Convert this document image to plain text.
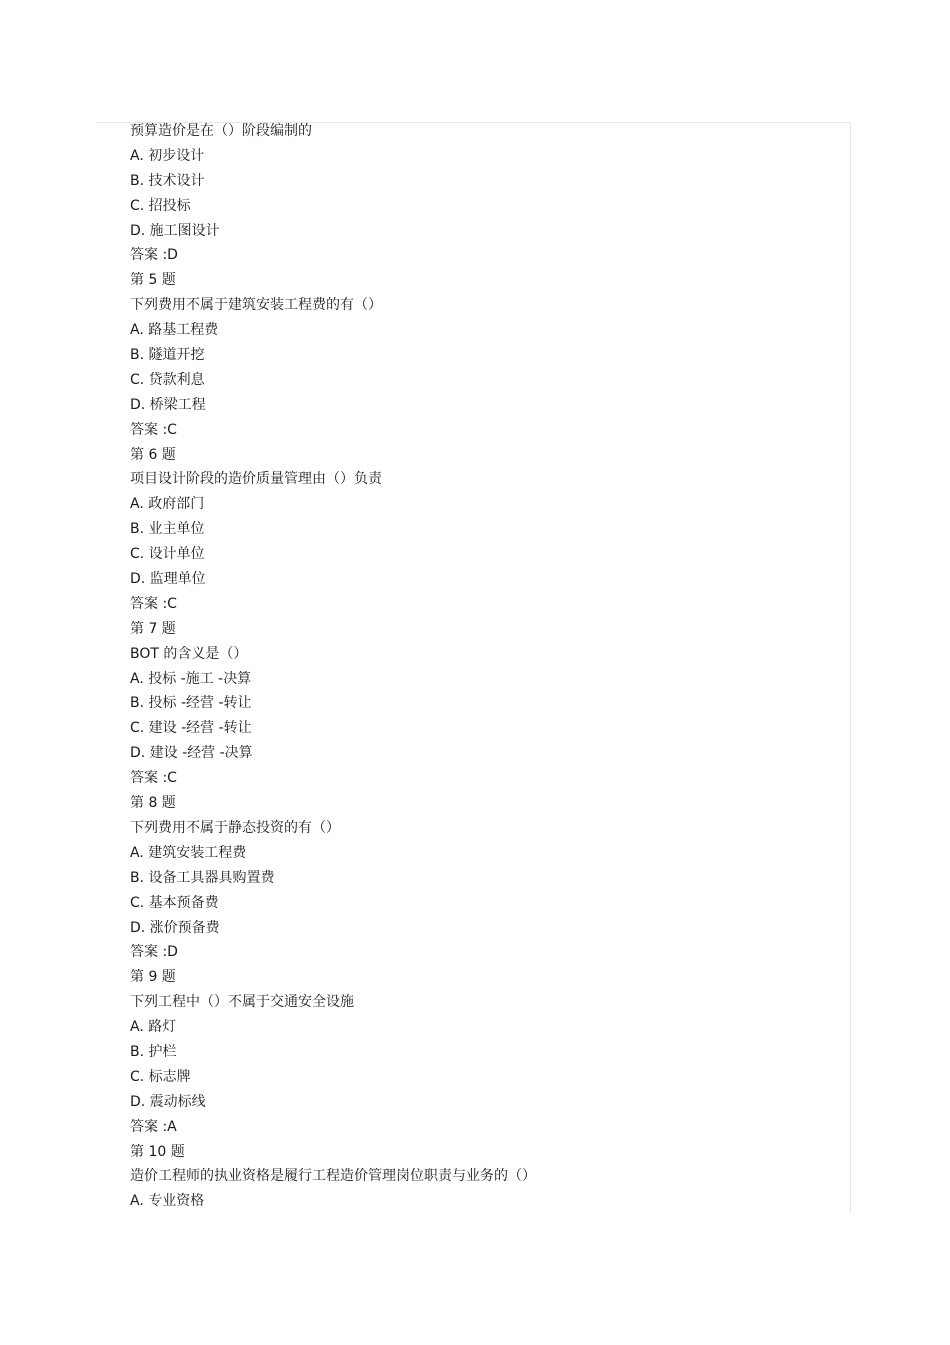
预算造价是在（）阶段编制的
A. 初步设计
B. 技术设计
C. 招投标
D. 施工图设计
答案 :D
第 5 题
下列费用不属于建筑安装工程费的有（）
A. 路基工程费
B. 隧道开挖
C. 贷款利息
D. 桥梁工程
答案 :C
第 6 题
项目设计阶段的造价质量管理由（）负责
A. 政府部门
B. 业主单位
C. 设计单位
D. 监理单位
答案 :C
第 7 题
BOT 的含义是（）
A. 投标 -施工 -决算
B. 投标 -经营 -转让
C. 建设 -经营 -转让
D. 建设 -经营 -决算
答案 :C
第 8 题
下列费用不属于静态投资的有（）
A. 建筑安装工程费
B. 设备工具器具购置费
C. 基本预备费
D. 涨价预备费
答案 :D
第 9 题
下列工程中（）不属于交通安全设施
A. 路灯
B. 护栏
C. 标志牌
D. 震动标线
答案 :A
第 10 题
造价工程师的执业资格是履行工程造价管理岗位职责与业务的（）
A. 专业资格
